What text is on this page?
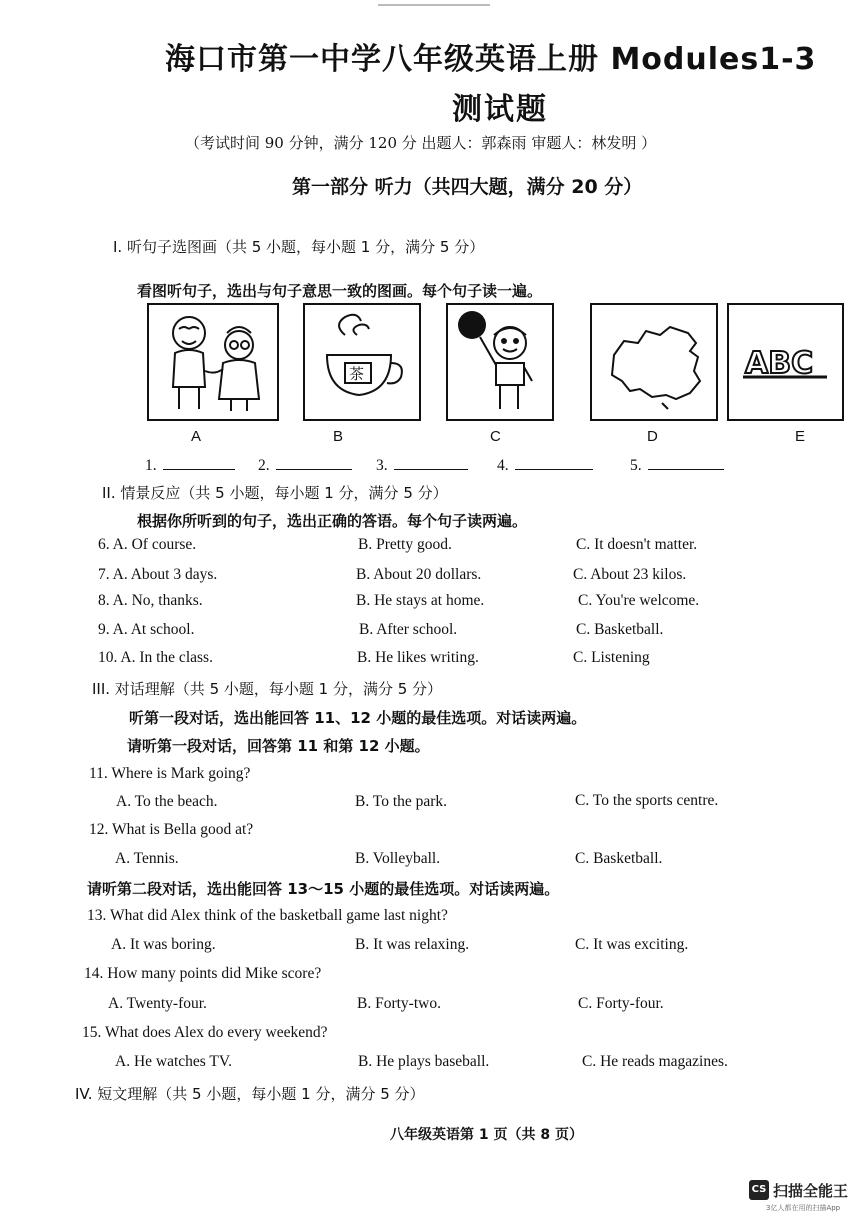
海口市第一中学八年级英语上册 Modules1-3
测试题
（考试时间 90 分钟，满分 120 分 出题人：郭森雨 审题人：林发明 ）
第一部分 听力（共四大题，满分 20 分）
I. 听句子选图画（共 5 小题，每小题 1 分，满分 5 分）
看图听句子，选出与句子意思一致的图画。每个句子读一遍。
茶	ABC
A	B	C	D	E
1.	2.	3.	4.	5.
II. 情景反应（共 5 小题，每小题 1 分，满分 5 分）
根据你所听到的句子，选出正确的答语。每个句子读两遍。
6. A. Of course.	B. Pretty good.	C. It doesn't matter.
7. A. About 3 days.	B. About 20 dollars.	C. About 23 kilos.
8. A. No, thanks.	B. He stays at home.	C. You're welcome.
9. A. At school.	B. After school.	C. Basketball.
10. A. In the class.	B. He likes writing.	C. Listening
III. 对话理解（共 5 小题，每小题 1 分，满分 5 分）
听第一段对话，选出能回答 11、12 小题的最佳选项。对话读两遍。
请听第一段对话，回答第 11 和第 12 小题。
11. Where is Mark going?
A. To the beach.	B. To the park.	C. To the sports centre.
12. What is Bella good at?
A. Tennis.	B. Volleyball.	C. Basketball.
请听第二段对话，选出能回答 13～15 小题的最佳选项。对话读两遍。
13. What did Alex think of the basketball game last night?
A. It was boring.	B. It was relaxing.	C. It was exciting.
14. How many points did Mike score?
A. Twenty-four.	B. Forty-two.	C. Forty-four.
15. What does Alex do every weekend?
A. He watches TV.	B. He plays baseball.	C. He reads magazines.
IV. 短文理解（共 5 小题，每小题 1 分，满分 5 分）
八年级英语第 1 页（共 8 页）
CS 扫描全能王
3亿人都在用的扫描App
